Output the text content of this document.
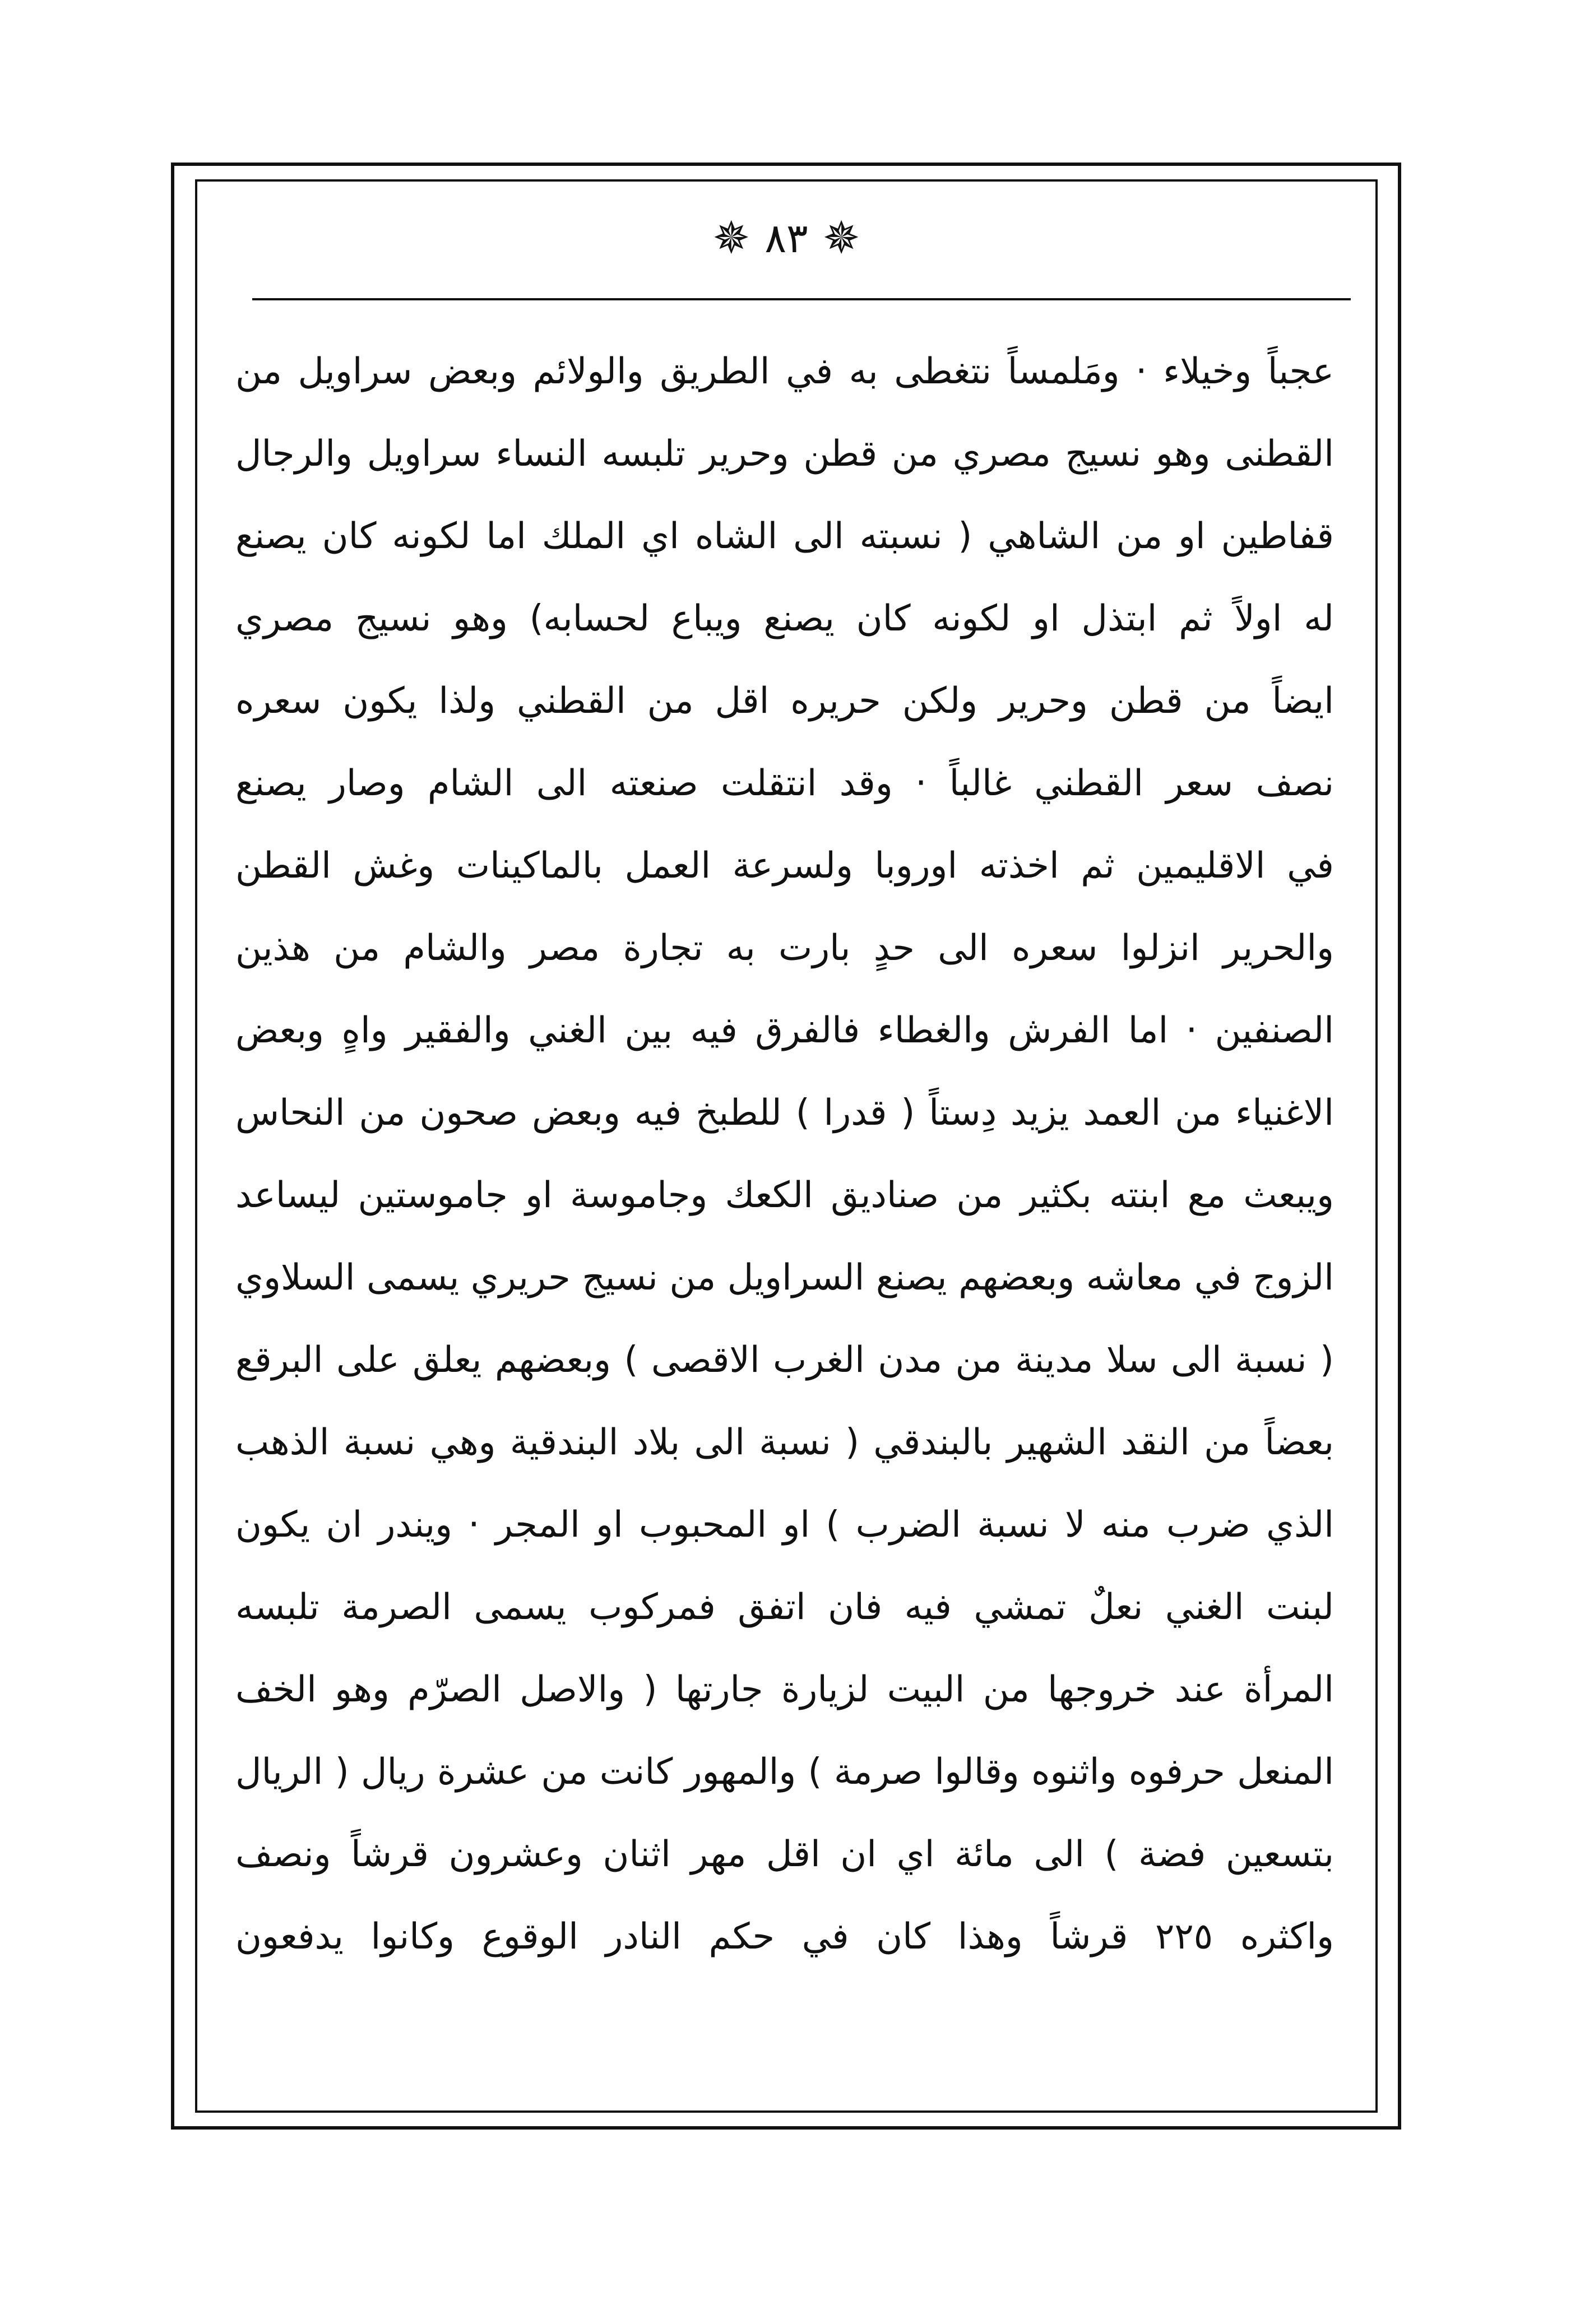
✵ ٨٣ ✵
عجباً وخيلاء · ومَلمساً نتغطى به في الطريق والولائم وبعض سراويل من
القطنى وهو نسيج مصري من قطن وحرير تلبسه النساء سراويل والرجال
قفاطين او من الشاهي ( نسبته الى الشاه اي الملك اما لكونه كان يصنع
له اولاً ثم ابتذل او لكونه كان يصنع ويباع لحسابه) وهو نسيج مصري
ايضاً من قطن وحرير ولكن حريره اقل من القطني ولذا يكون سعره
نصف سعر القطني غالباً · وقد انتقلت صنعته الى الشام وصار يصنع
في الاقليمين ثم اخذته اوروبا ولسرعة العمل بالماكينات وغش القطن
والحرير انزلوا سعره الى حدٍ بارت به تجارة مصر والشام من هذين
الصنفين · اما الفرش والغطاء فالفرق فيه بين الغني والفقير واهٍ وبعض
الاغنياء من العمد يزيد دِستاً ( قدرا ) للطبخ فيه وبعض صحون من النحاس
ويبعث مع ابنته بكثير من صناديق الكعك وجاموسة او جاموستين ليساعد
الزوج في معاشه وبعضهم يصنع السراويل من نسيج حريري يسمى السلاوي
( نسبة الى سلا مدينة من مدن الغرب الاقصى ) وبعضهم يعلق على البرقع
بعضاً من النقد الشهير بالبندقي ( نسبة الى بلاد البندقية وهي نسبة الذهب
الذي ضرب منه لا نسبة الضرب ) او المحبوب او المجر · ويندر ان يكون
لبنت الغني نعلٌ تمشي فيه فان اتفق فمركوب يسمى الصرمة تلبسه
المرأة عند خروجها من البيت لزيارة جارتها ( والاصل الصرّم وهو الخف
المنعل حرفوه واثنوه وقالوا صرمة ) والمهور كانت من عشرة ريال ( الريال
بتسعين فضة ) الى مائة اي ان اقل مهر اثنان وعشرون قرشاً ونصف
واكثره ٢٢٥ قرشاً وهذا كان في حكم النادر الوقوع وكانوا يدفعون
